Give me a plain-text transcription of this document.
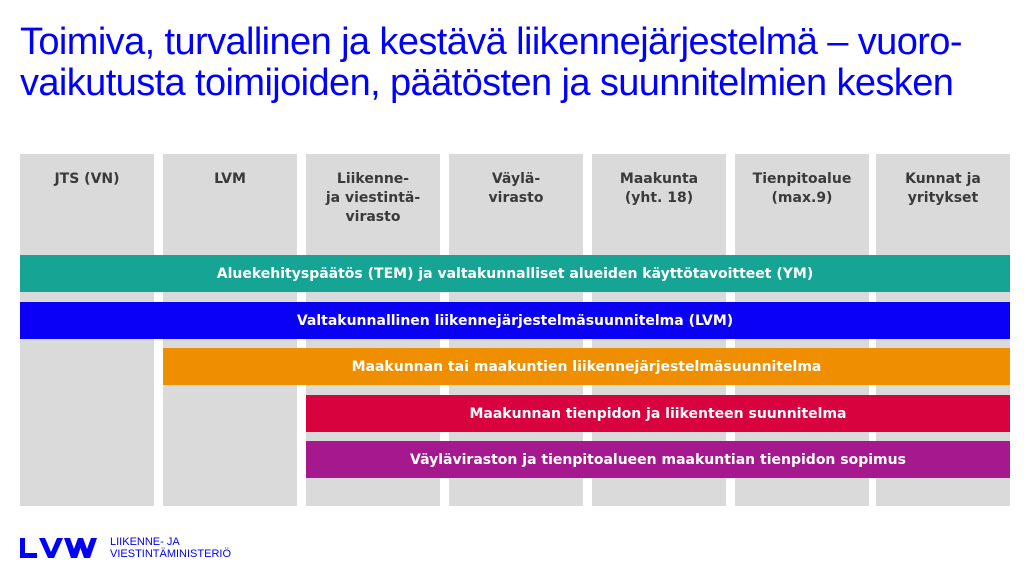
Toimiva, turvallinen ja kestävä liikennejärjestelmä – vuoro-
vaikutusta toimijoiden, päätösten ja suunnitelmien kesken
JTS (VN)	LVM	Liikenne-
ja viestintä-
virasto
Väylä-
virasto
Maakunta
(yht. 18)
Tienpitoalue
(max.9)
Kunnat ja
yritykset
Aluekehityspäätös (TEM) ja valtakunnalliset alueiden käyttötavoitteet (YM)
Valtakunnallinen liikennejärjestelmäsuunnitelma (LVM)
Maakunnan tai maakuntien liikennejärjestelmäsuunnitelma
Maakunnan tienpidon ja liikenteen suunnitelma
Väyläviraston ja tienpitoalueen maakuntian tienpidon sopimus
LIIKENNE- JA
VIESTINTÄMINISTERIÖ
